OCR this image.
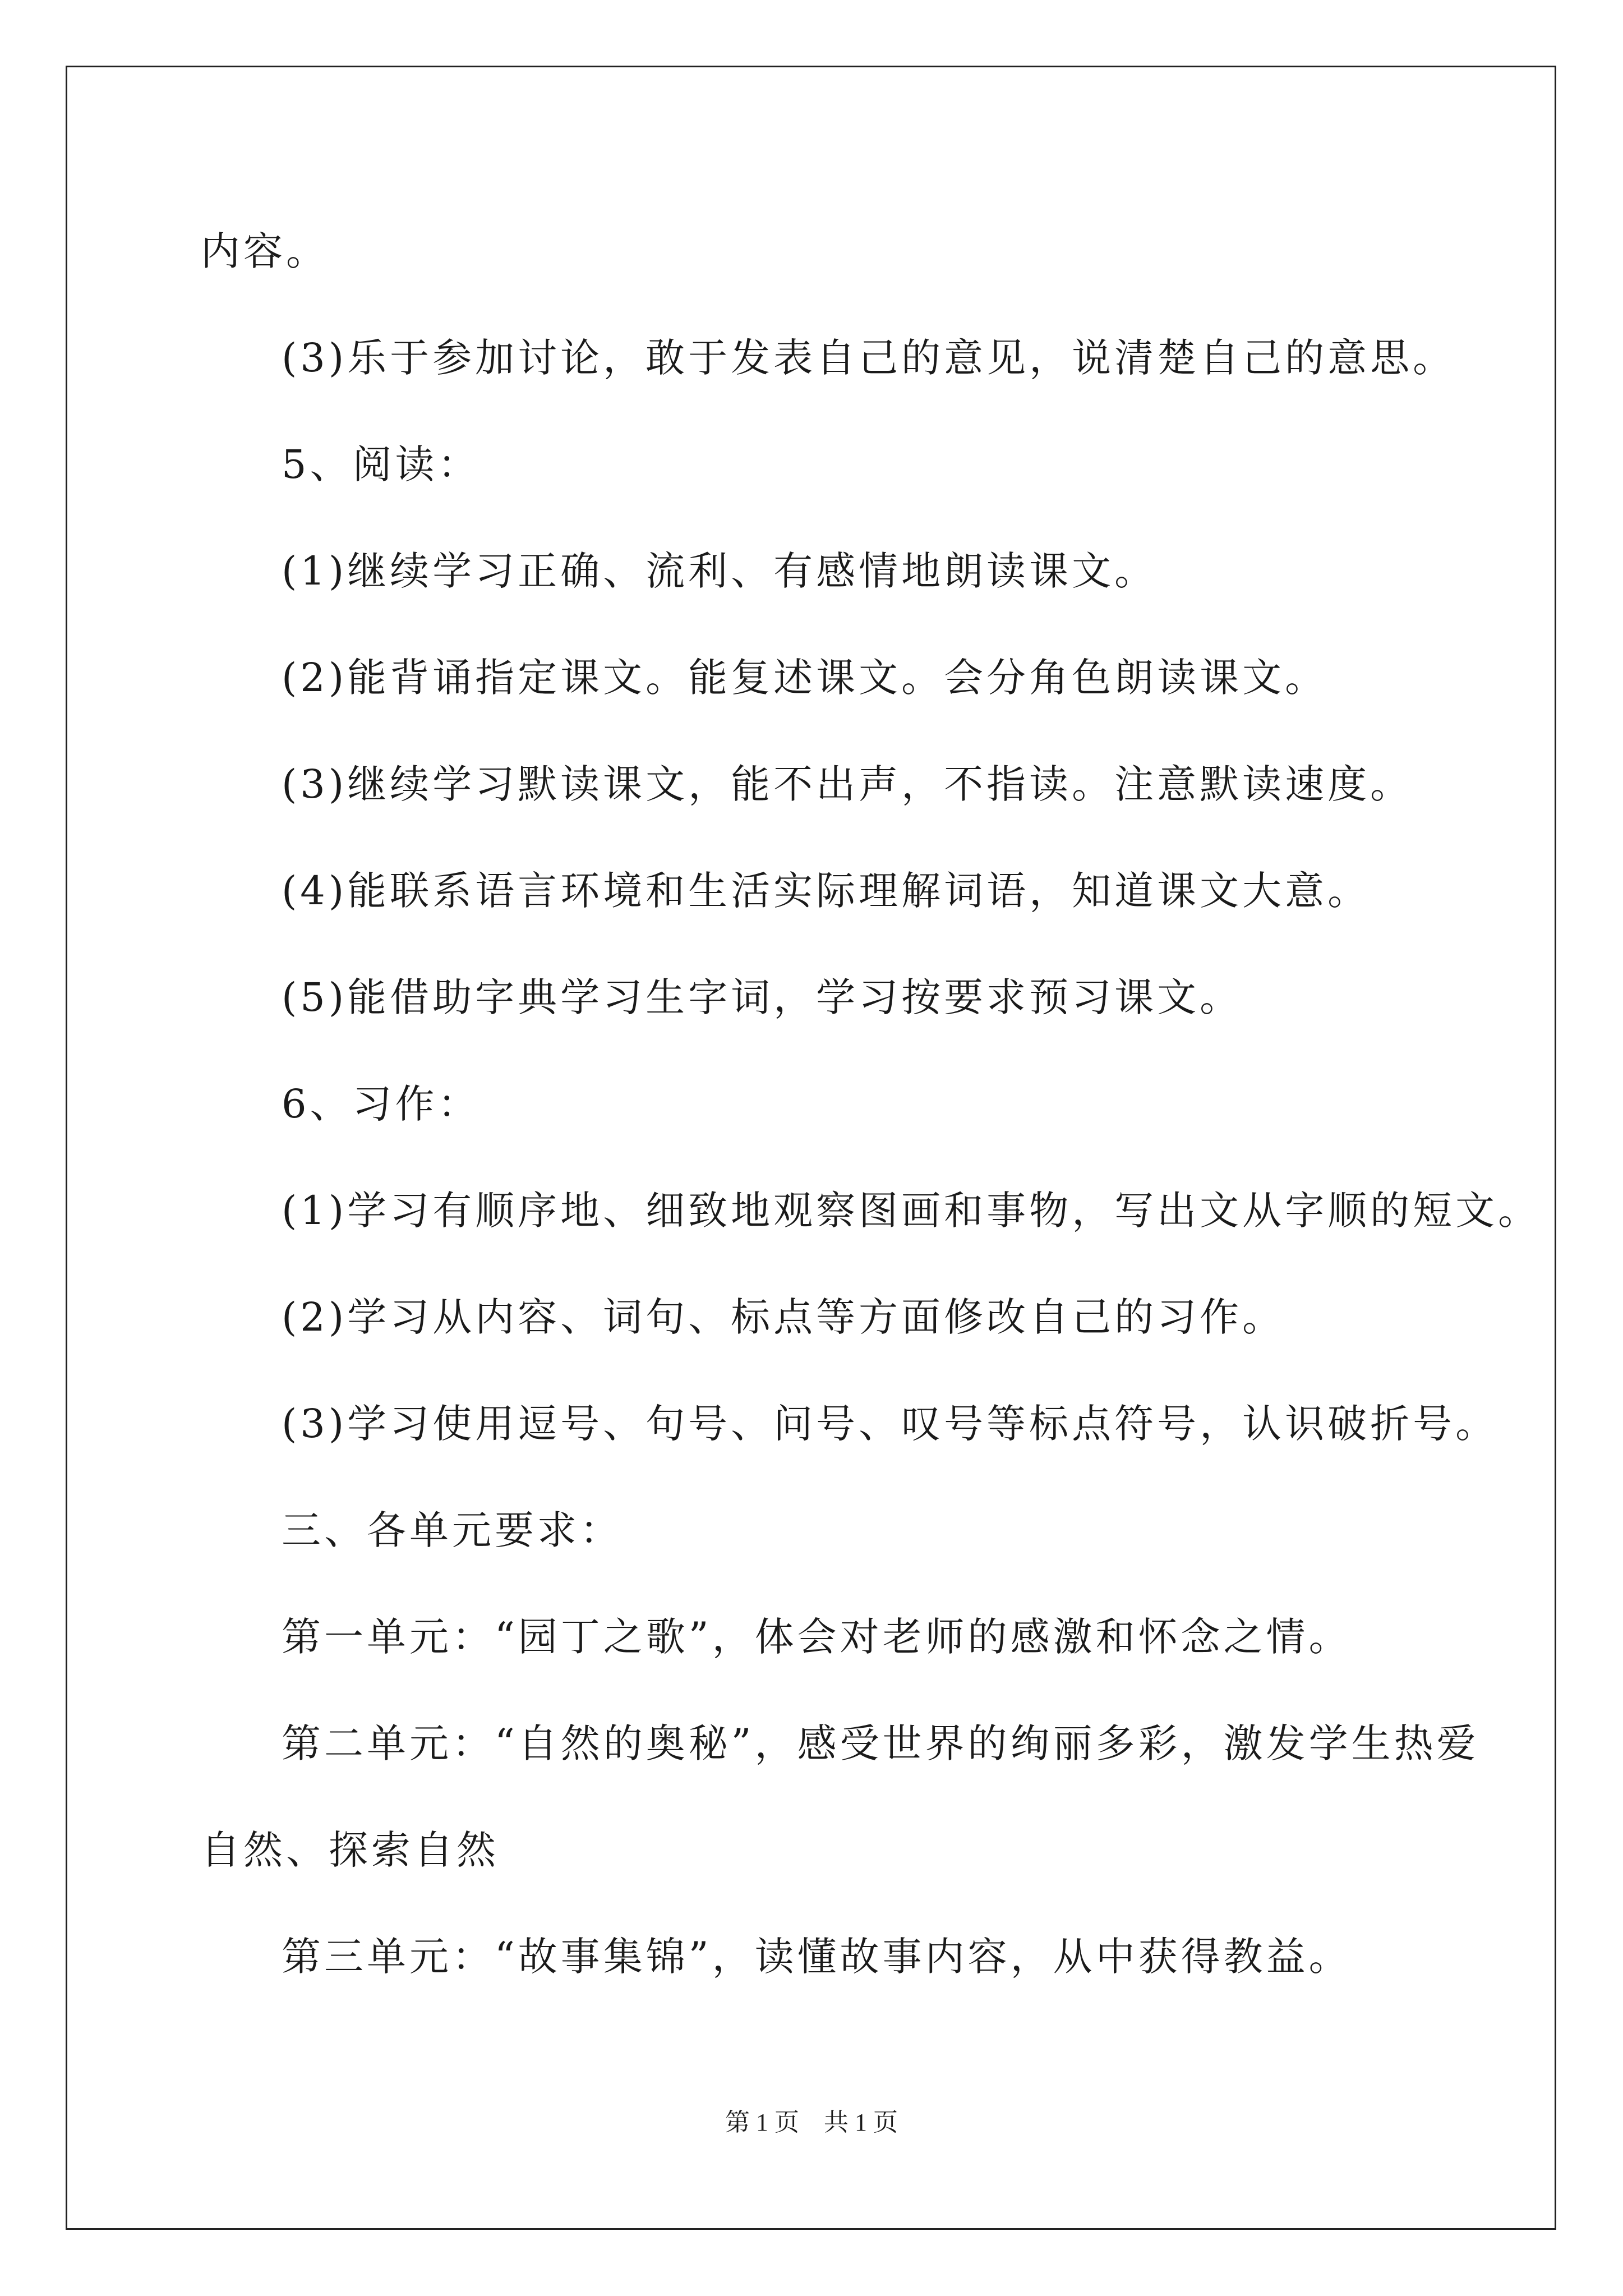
内容。
(3)乐于参加讨论，敢于发表自己的意见，说清楚自己的意思。
5、阅读：
(1)继续学习正确、流利、有感情地朗读课文。
(2)能背诵指定课文。能复述课文。会分角色朗读课文。
(3)继续学习默读课文，能不出声，不指读。注意默读速度。
(4)能联系语言环境和生活实际理解词语，知道课文大意。
(5)能借助字典学习生字词，学习按要求预习课文。
6、习作：
(1)学习有顺序地、细致地观察图画和事物，写出文从字顺的短文。
(2)学习从内容、词句、标点等方面修改自己的习作。
(3)学习使用逗号、句号、问号、叹号等标点符号，认识破折号。
三、各单元要求：
第一单元：“园丁之歌”，体会对老师的感激和怀念之情。
第二单元：“自然的奥秘”，感受世界的绚丽多彩，激发学生热爱
自然、探索自然
第三单元：“故事集锦”，读懂故事内容，从中获得教益。
第 1 页　共 1 页
